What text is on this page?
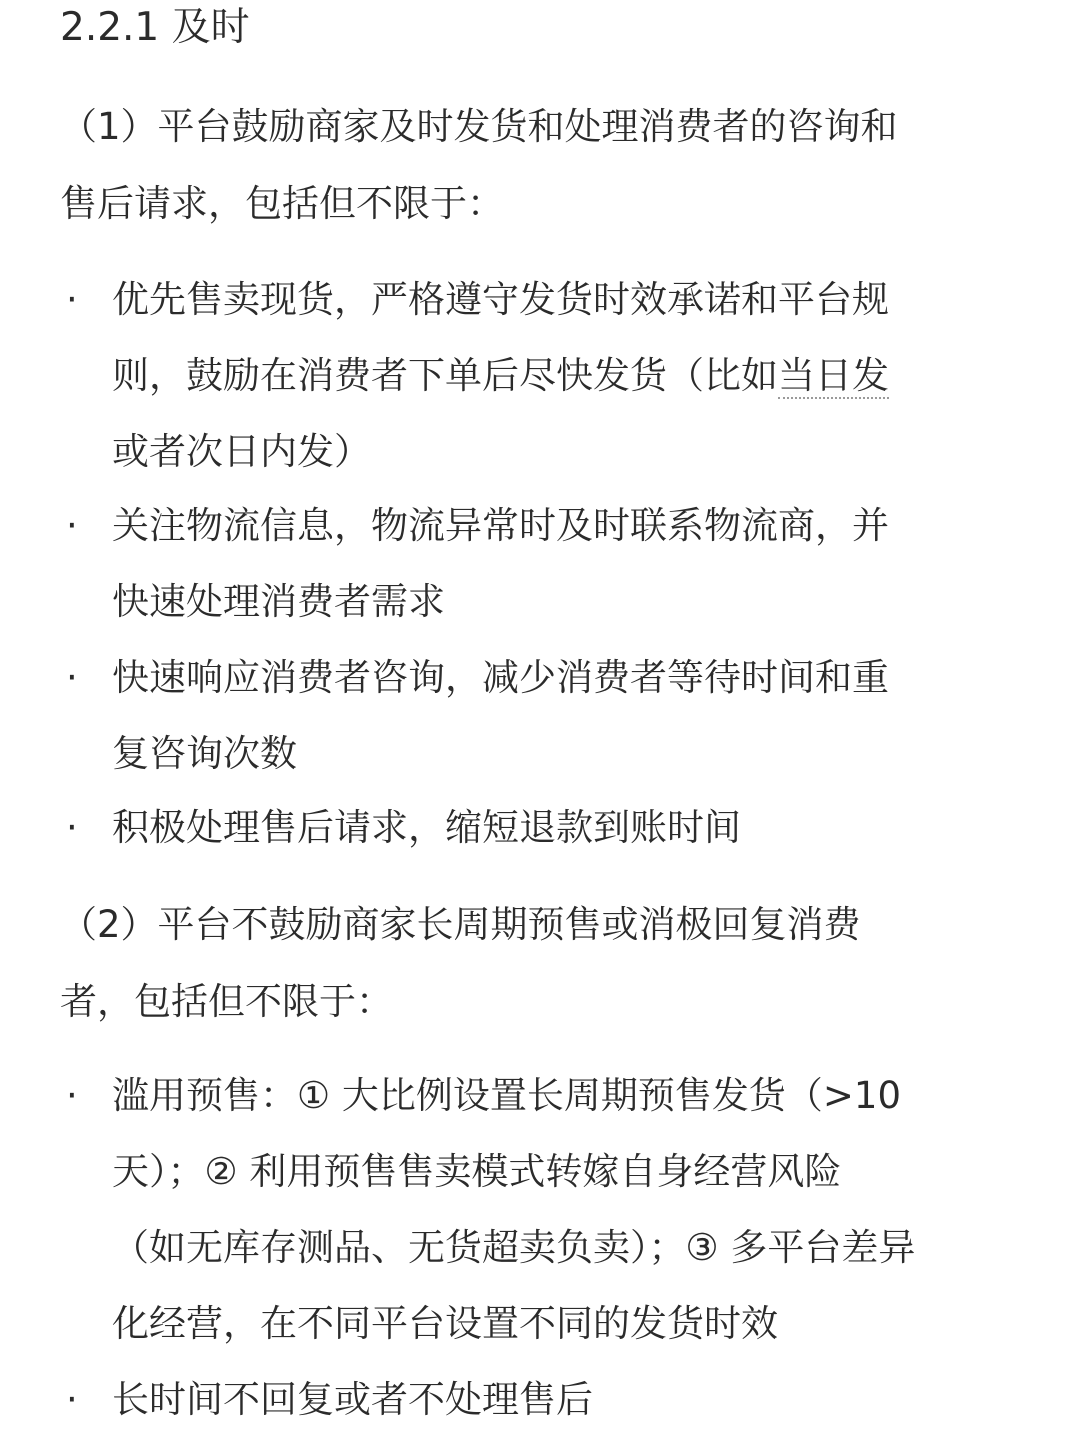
2.2.1 及时
（1）平台鼓励商家及时发货和处理消费者的咨询和
售后请求，包括但不限于：
· 优先售卖现货，严格遵守发货时效承诺和平台规
则，鼓励在消费者下单后尽快发货（比如当日发
或者次日内发）
· 关注物流信息，物流异常时及时联系物流商，并
快速处理消费者需求
· 快速响应消费者咨询，减少消费者等待时间和重
复咨询次数
· 积极处理售后请求，缩短退款到账时间
（2）平台不鼓励商家长周期预售或消极回复消费
者，包括但不限于：
· 滥用预售：① 大比例设置长周期预售发货（>10
天）；② 利用预售售卖模式转嫁自身经营风险
（如无库存测品、无货超卖负卖）；③ 多平台差异
化经营，在不同平台设置不同的发货时效
· 长时间不回复或者不处理售后
